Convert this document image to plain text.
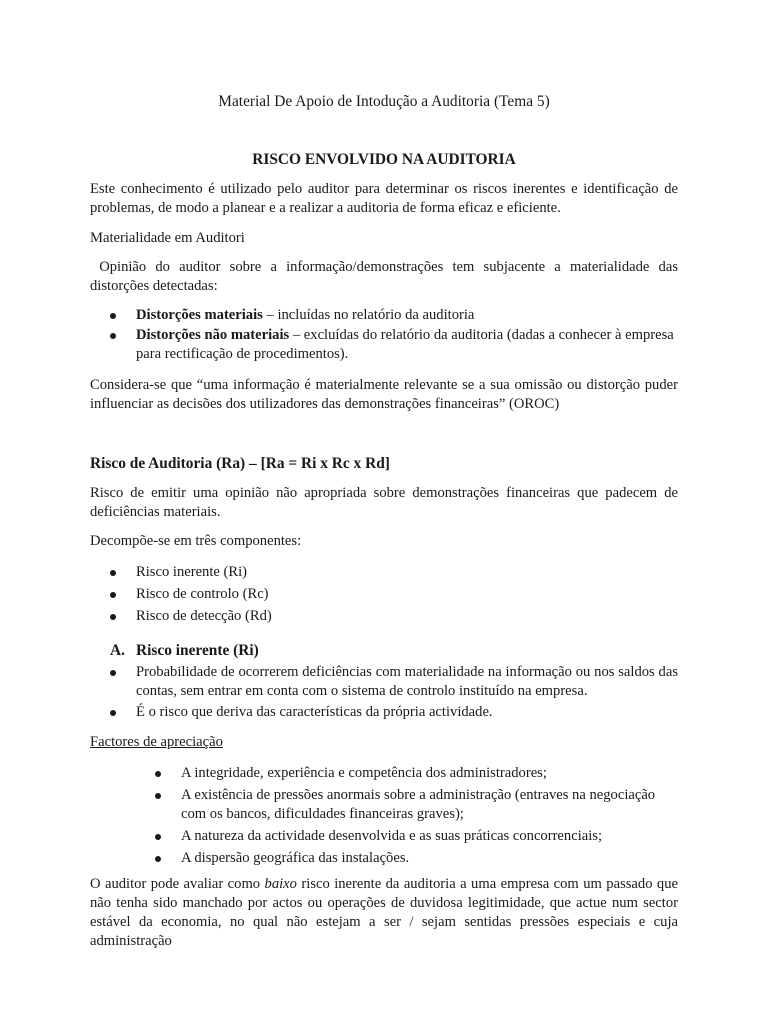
Material De Apoio de Intodução a Auditoria (Tema 5)

RISCO ENVOLVIDO NA AUDITORIA

Este conhecimento é utilizado pelo auditor para determinar os riscos inerentes e identificação de problemas, de modo a planear e a realizar a auditoria de forma eficaz e eficiente.

Materialidade em Auditori

Opinião do auditor sobre a informação/demonstrações tem subjacente a materialidade das distorções detectadas:

Distorções materiais – incluídas no relatório da auditoria
Distorções não materiais – excluídas do relatório da auditoria (dadas a conhecer à empresa para rectificação de procedimentos).

Considera-se que “uma informação é materialmente relevante se a sua omissão ou distorção puder influenciar as decisões dos utilizadores das demonstrações financeiras” (OROC)

Risco de Auditoria (Ra) – [Ra = Ri x Rc x Rd]

Risco de emitir uma opinião não apropriada sobre demonstrações financeiras que padecem de deficiências materiais.

Decompõe-se em três componentes:

Risco inerente (Ri)
Risco de controlo (Rc)
Risco de detecção (Rd)
A. Risco inerente (Ri)
Probabilidade de ocorrerem deficiências com materialidade na informação ou nos saldos das contas, sem entrar em conta com o sistema de controlo instituído na empresa.
É o risco que deriva das características da própria actividade.

Factores de apreciação

A integridade, experiência e competência dos administradores;
A existência de pressões anormais sobre a administração (entraves na negociação com os bancos, dificuldades financeiras graves);
A natureza da actividade desenvolvida e as suas práticas concorrenciais;
A dispersão geográfica das instalações.

O auditor pode avaliar como baixo risco inerente da auditoria a uma empresa com um passado que não tenha sido manchado por actos ou operações de duvidosa legitimidade, que actue num sector estável da economia, no qual não estejam a ser / sejam sentidas pressões especiais e cuja administração
